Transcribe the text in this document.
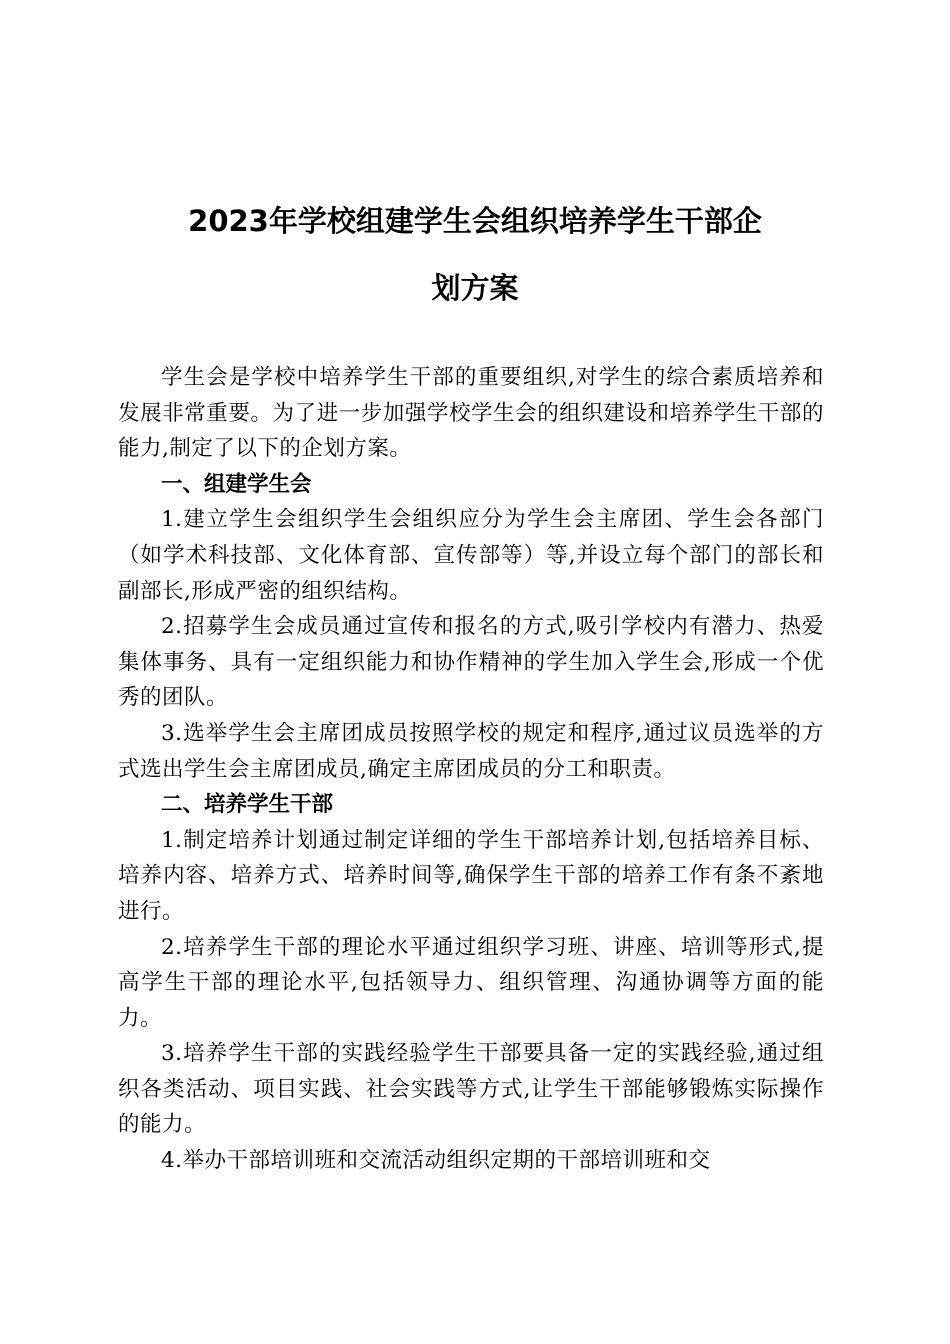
2023年学校组建学生会组织培养学生干部企
划方案

学生会是学校中培养学生干部的重要组织,对学生的综合素质培养和发展非常重要。为了进一步加强学校学生会的组织建设和培养学生干部的能力,制定了以下的企划方案。

一、组建学生会

1.建立学生会组织学生会组织应分为学生会主席团、学生会各部门（如学术科技部、文化体育部、宣传部等）等,并设立每个部门的部长和副部长,形成严密的组织结构。

2.招募学生会成员通过宣传和报名的方式,吸引学校内有潜力、热爱集体事务、具有一定组织能力和协作精神的学生加入学生会,形成一个优秀的团队。

3.选举学生会主席团成员按照学校的规定和程序,通过议员选举的方式选出学生会主席团成员,确定主席团成员的分工和职责。

二、培养学生干部

1.制定培养计划通过制定详细的学生干部培养计划,包括培养目标、培养内容、培养方式、培养时间等,确保学生干部的培养工作有条不紊地进行。

2.培养学生干部的理论水平通过组织学习班、讲座、培训等形式,提高学生干部的理论水平,包括领导力、组织管理、沟通协调等方面的能力。

3.培养学生干部的实践经验学生干部要具备一定的实践经验,通过组织各类活动、项目实践、社会实践等方式,让学生干部能够锻炼实际操作的能力。

4.举办干部培训班和交流活动组织定期的干部培训班和交
